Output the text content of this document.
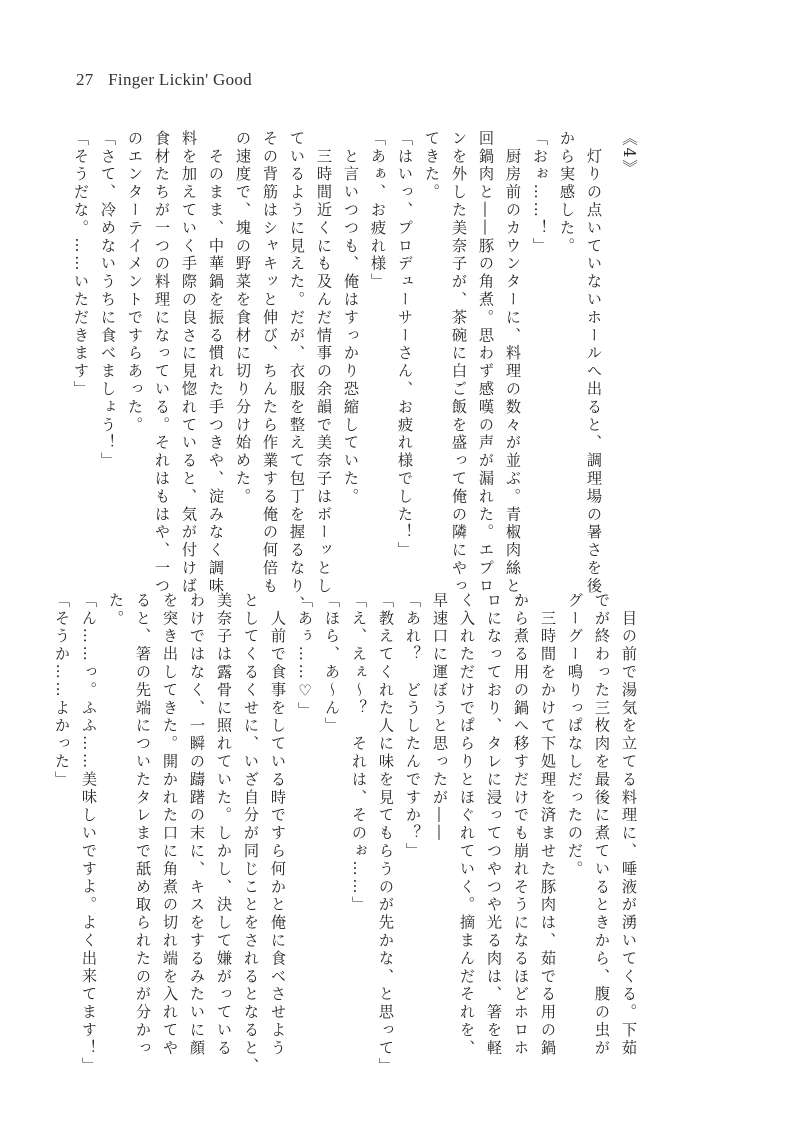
27 Finger Lickin' Good

《4》

灯りの点いていないホールへ出ると、調理場の暑さを後

から実感した。

「おぉ……！」

厨房前のカウンターに、料理の数々が並ぶ。青椒肉絲と、

回鍋肉と――豚の角煮。思わず感嘆の声が漏れた。エプロ

ンを外した美奈子が、茶碗に白ご飯を盛って俺の隣にやっ

てきた。

「はいっ、プロデューサーさん、お疲れ様でした！」

「あぁ、お疲れ様」

と言いつつも、俺はすっかり恐縮していた。

三時間近くにも及んだ情事の余韻で美奈子はボーッとし

ているように見えた。だが、衣服を整えて包丁を握るなり、

その背筋はシャキッと伸び、ちんたら作業する俺の何倍も

の速度で、塊の野菜を食材に切り分け始めた。

そのまま、中華鍋を振る慣れた手つきや、淀みなく調味

料を加えていく手際の良さに見惚れていると、気が付けば

食材たちが一つの料理になっている。それはもはや、一つ

のエンターテイメントですらあった。

「さて、冷めないうちに食べましょう！」

「そうだな。……いただきます」

目の前で湯気を立てる料理に、唾液が湧いてくる。下茹

でが終わった三枚肉を最後に煮ているときから、腹の虫が

グーグー鳴りっぱなしだったのだ。

三時間をかけて下処理を済ませた豚肉は、茹でる用の鍋

から煮る用の鍋へ移すだけでも崩れそうになるほどホロホ

ロになっており、タレに浸ってつやつや光る肉は、箸を軽

く入れただけでぱらりとほぐれていく。摘まんだそれを、

早速口に運ぼうと思ったが――

「あれ？　どうしたんですか？」

「教えてくれた人に味を見てもらうのが先かな、と思って」

「え、えぇ～？　それは、そのぉ……」

「ほら、あ～ん」

「あぅ……♡」

人前で食事をしている時ですら何かと俺に食べさせよう

としてくるくせに、いざ自分が同じことをされるとなると、

美奈子は露骨に照れていた。しかし、決して嫌がっている

わけではなく、一瞬の躊躇の末に、キスをするみたいに顔

を突き出してきた。開かれた口に角煮の切れ端を入れてや

ると、箸の先端についたタレまで舐め取られたのが分かっ

た。

「ん……っ。ふふ……美味しいですよ。よく出来てます！」

「そうか……よかった」
